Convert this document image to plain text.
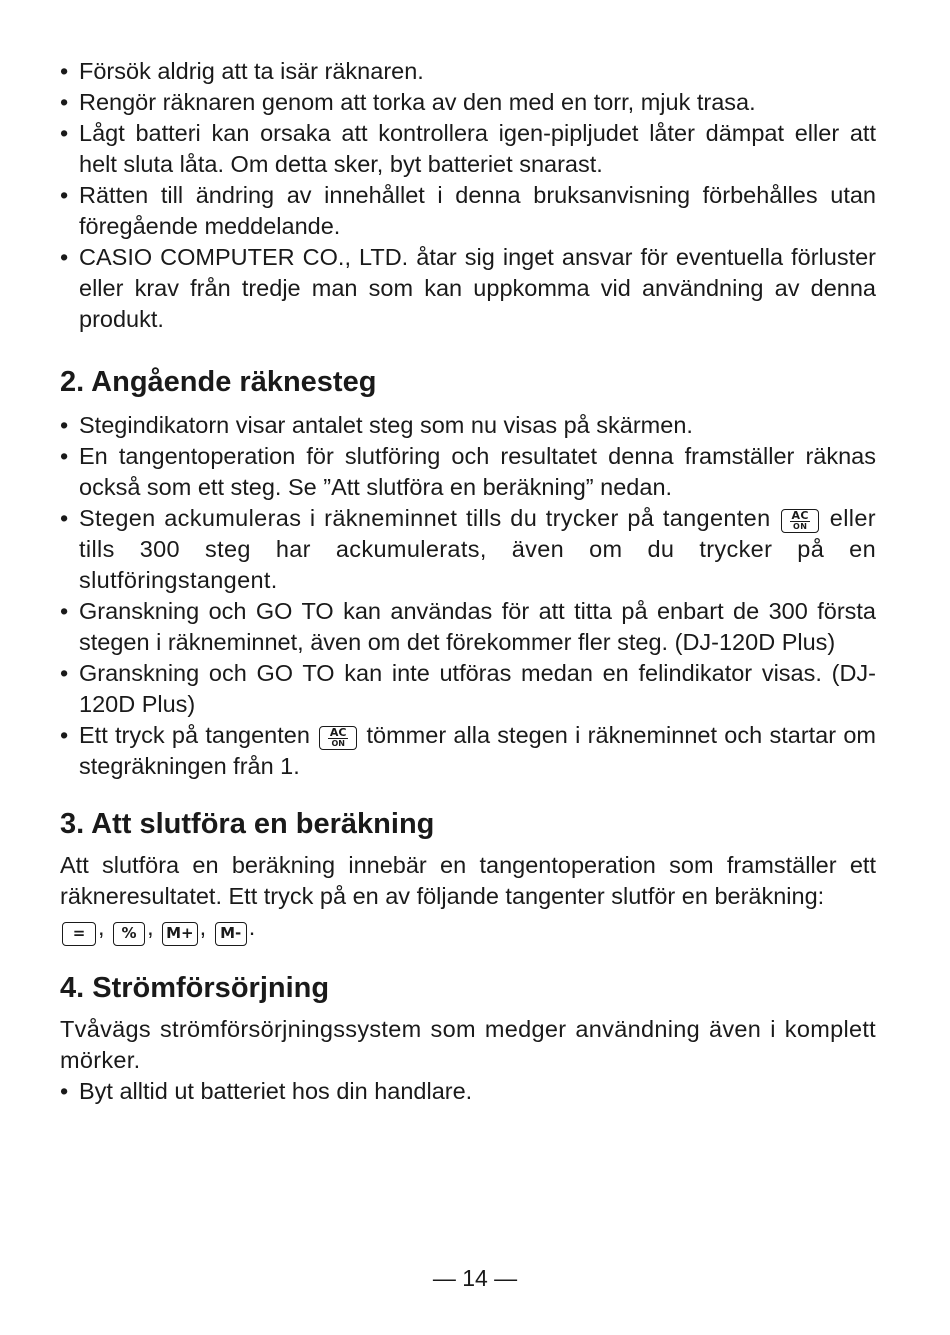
• Försök aldrig att ta isär räknaren.
• Rengör räknaren genom att torka av den med en torr, mjuk trasa.
• Lågt batteri kan orsaka att kontrollera igen-pipljudet låter dämpat eller att helt sluta låta. Om detta sker, byt batteriet snarast.
• Rätten till ändring av innehållet i denna bruksanvisning förbehålles utan föregående meddelande.
• CASIO COMPUTER CO., LTD. åtar sig inget ansvar för eventuella förluster eller krav från tredje man som kan uppkomma vid användning av denna produkt.
2. Angående räknesteg
• Stegindikatorn visar antalet steg som nu visas på skärmen.
• En tangentoperation för slutföring och resultatet denna framställer räknas också som ett steg. Se ”Att slutföra en beräkning” nedan.
• Stegen ackumuleras i räkneminnet tills du trycker på tangenten AC
ON eller tills 300 steg har ackumulerats, även om du trycker på en slutföringstangent.
• Granskning och GO TO kan användas för att titta på enbart de 300 första stegen i räkneminnet, även om det förekommer fler steg. (DJ-120D Plus)
• Granskning och GO TO kan inte utföras medan en felindikator visas. (DJ-120D Plus)
• Ett tryck på tangenten AC
ON tömmer alla stegen i räkneminnet och startar om stegräkningen från 1.
3. Att slutföra en beräkning

Att slutföra en beräkning innebär en tangentoperation som framställer ett räkneresultatet. Ett tryck på en av följande tangenter slutför en beräkning:
= , % , M+ , M- .

4. Strömförsörjning

Tvåvägs strömförsörjningssystem som medger användning även i komplett mörker.

• Byt alltid ut batteriet hos din handlare.
— 14 —
